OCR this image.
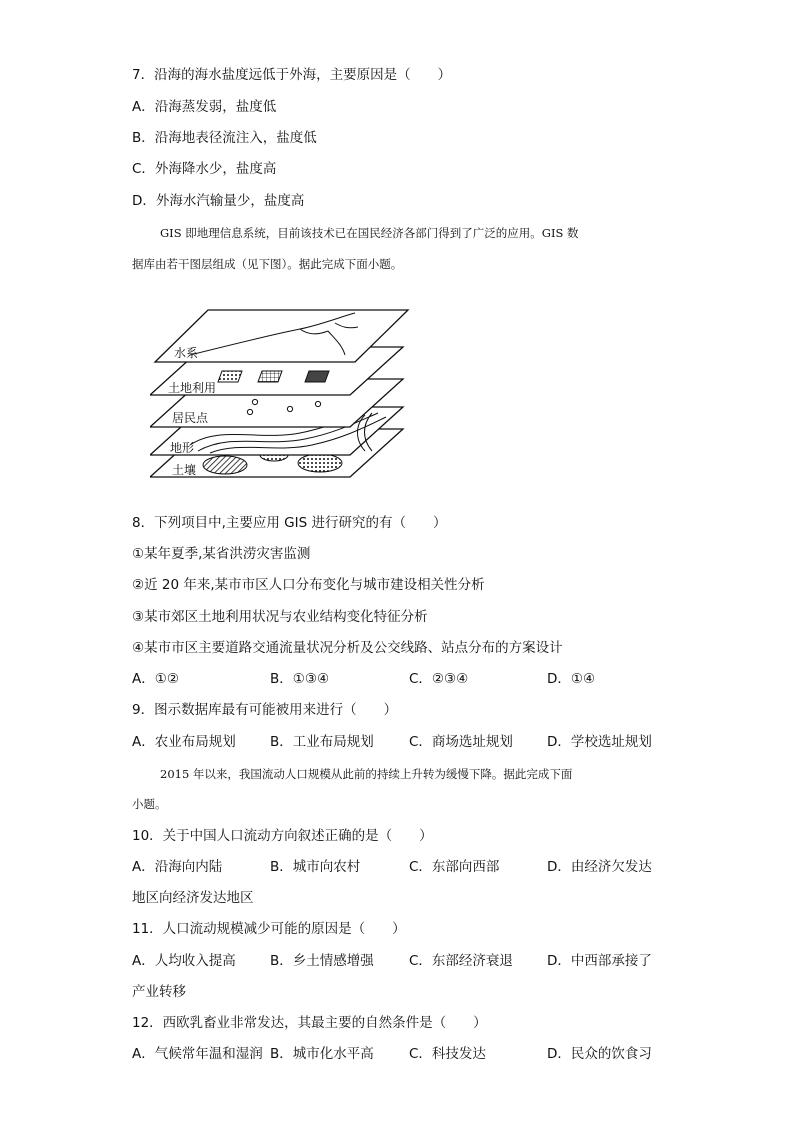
7．沿海的海水盐度远低于外海，主要原因是（　　）
A．沿海蒸发弱，盐度低
B．沿海地表径流注入，盐度低
C．外海降水少，盐度高
D．外海水汽输量少，盐度高
GIS 即地理信息系统，目前该技术已在国民经济各部门得到了广泛的应用。GIS 数
据库由若干图层组成（见下图）。据此完成下面小题。
土壤
地形
居民点
土地利用
水系
8．下列项目中,主要应用 GIS 进行研究的有（　　）
①某年夏季,某省洪涝灾害监测
②近 20 年来,某市市区人口分布变化与城市建设相关性分析
③某市郊区土地利用状况与农业结构变化特征分析
④某市市区主要道路交通流量状况分析及公交线路、站点分布的方案设计
A．①②	B．①③④	C．②③④	D．①④
9．图示数据库最有可能被用来进行（　　）
A．农业布局规划	B．工业布局规划	C．商场选址规划	D．学校选址规划
2015 年以来，我国流动人口规模从此前的持续上升转为缓慢下降。据此完成下面
小题。
10．关于中国人口流动方向叙述正确的是（　　）
A．沿海向内陆	B．城市向农村	C．东部向西部	D．由经济欠发达
地区向经济发达地区
11．人口流动规模减少可能的原因是（　　）
A．人均收入提高	B．乡土情感增强	C．东部经济衰退	D．中西部承接了
产业转移
12．西欧乳畜业非常发达，其最主要的自然条件是（　　）
A．气候常年温和湿润 B．城市化水平高	C．科技发达	D．民众的饮食习
